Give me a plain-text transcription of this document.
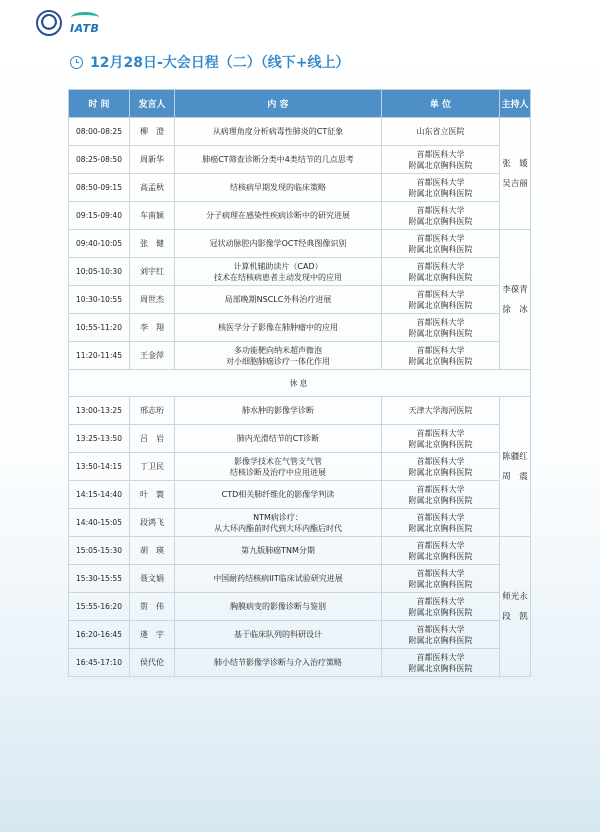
IATB
12月28日-大会日程（二）（线下+线上）
时 间	发言人	内 容	单 位	主持人
08:00-08:25	柳　澄	从病理角度分析病毒性肺炎的CT征象	山东省立医院	张　媛
吴吉丽

08:25-08:50	周新华	肺癌CT筛查诊断分类中4类结节的几点思考	首都医科大学
附属北京胸科医院	

08:50-09:15	高孟秋	结核病早期发现的临床策略	首都医科大学
附属北京胸科医院	

09:15-09:40	车南颖	分子病理在感染性疾病诊断中的研究进展	首都医科大学
附属北京胸科医院	

09:40-10:05	张　健	冠状动脉腔内影像学OCT经典图像识别	首都医科大学
附属北京胸科医院	李葆青
徐　冰

10:05-10:30	刘宇红	计算机辅助读片（CAD）
技术在结核病患者主动发现中的应用	首都医科大学
附属北京胸科医院	

10:30-10:55	周世杰	局部晚期NSCLC外科治疗进展	首都医科大学
附属北京胸科医院	

10:55-11:20	李　翔	核医学分子影像在肺肿瘤中的应用	首都医科大学
附属北京胸科医院	

11:20-11:45	王金萍	多功能靶向纳米超声微泡
对小细胞肺癌诊疗一体化作用	首都医科大学
附属北京胸科医院	

休息				
13:00-13:25	邢志珩	肺水肿的影像学诊断	天津大学海河医院	陈疆红
周　震

13:25-13:50	吕　岩	肺内光滑结节的CT诊断	首都医科大学
附属北京胸科医院	

13:50-14:15	丁卫民	影像学技术在气管支气管
结核诊断及治疗中应用进展	首都医科大学
附属北京胸科医院	

14:15-14:40	叶　寰	CTD相关肺纤维化的影像学判读	首都医科大学
附属北京胸科医院	

14:40-15:05	段鸿飞	NTM病诊疗：
从大环内酯前时代到大环内酯后时代	首都医科大学
附属北京胸科医院	

15:05-15:30	胡　瑛	第九版肺癌TNM分期	首都医科大学
附属北京胸科医院	师光永
段　凯

15:30-15:55	聂文娟	中国耐药结核病IIT临床试验研究进展	首都医科大学
附属北京胸科医院	

15:55-16:20	贺　伟	胸膜病变的影像诊断与鉴别	首都医科大学
附属北京胸科医院	

16:20-16:45	逄　宇	基于临床队列的科研设计	首都医科大学
附属北京胸科医院	

16:45-17:10	侯代伦	肺小结节影像学诊断与介入治疗策略	首都医科大学
附属北京胸科医院	
